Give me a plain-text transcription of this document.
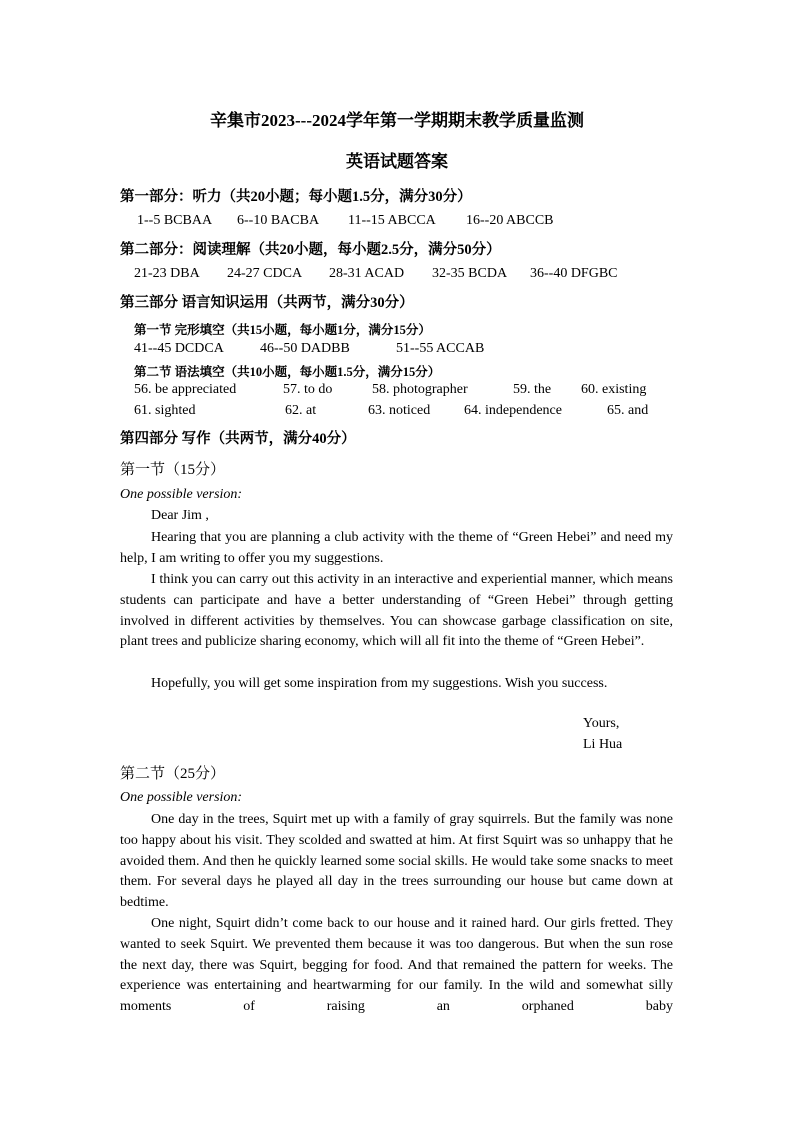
辛集市2023---2024学年第一学期期末教学质量监测
英语试题答案
第一部分：听力（共20小题；每小题1.5分，满分30分）
1--5 BCBAA 6--10 BACBA 11--15 ABCCA 16--20 ABCCB
第二部分：阅读理解（共20小题，每小题2.5分，满分50分）
21-23 DBA 24-27 CDCA 28-31 ACAD 32-35 BCDA 36--40 DFGBC
第三部分 语言知识运用（共两节，满分30分）
第一节 完形填空（共15小题，每小题1分，满分15分）
41--45 DCDCA	46--50 DADBB	51--55 ACCAB
第二节 语法填空（共10小题，每小题1.5分，满分15分）
56. be appreciated	57. to do	58. photographer	59. the 60. existing
61. sighted	62. at	63. noticed 64. independence	65. and
第四部分 写作（共两节，满分40分）
第一节（15分）
One possible version:
Dear Jim ,

Hearing that you are planning a club activity with the theme of “Green Hebei” and need my help, I am writing to offer you my suggestions.

I think you can carry out this activity in an interactive and experiential manner, which means students can participate and have a better understanding of “Green Hebei” through getting involved in different activities by themselves. You can showcase garbage classification on site, plant trees and publicize sharing economy, which will all fit into the theme of “Green Hebei”.

Hopefully, you will get some inspiration from my suggestions. Wish you success.

Yours,
Li Hua
第二节（25分）
One possible version:

One day in the trees, Squirt met up with a family of gray squirrels. But the family was none too happy about his visit. They scolded and swatted at him. At first Squirt was so unhappy that he avoided them. And then he quickly learned some social skills. He would take some snacks to meet them. For several days he played all day in the trees surrounding our house but came down at bedtime.

One night, Squirt didn’t come back to our house and it rained hard. Our girls fretted. They wanted to seek Squirt. We prevented them because it was too dangerous. But when the sun rose the next day, there was Squirt, begging for food. And that remained the pattern for weeks. The experience was entertaining and heartwarming for our family. In the wild and somewhat silly moments of raising an orphaned baby
